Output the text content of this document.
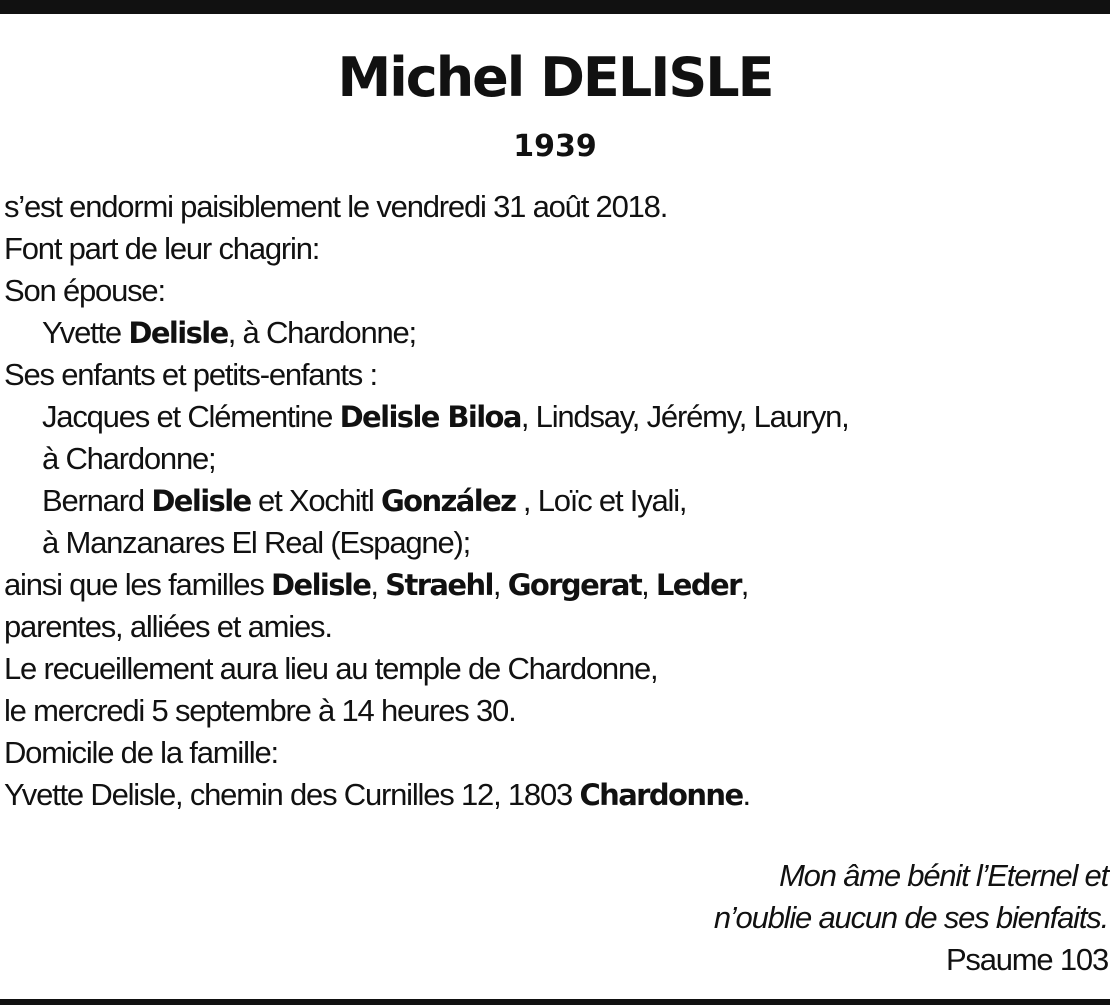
Michel DELISLE
1939
s’est endormi paisiblement le vendredi 31 août 2018.
Font part de leur chagrin:
Son épouse:
Yvette Delisle, à Chardonne;
Ses enfants et petits-enfants :
Jacques et Clémentine Delisle Biloa, Lindsay, Jérémy, Lauryn,
à Chardonne;
Bernard Delisle et Xochitl González , Loïc et Iyali,
à Manzanares El Real (Espagne);
ainsi que les familles Delisle, Straehl, Gorgerat, Leder,
parentes, alliées et amies.
Le recueillement aura lieu au temple de Chardonne,
le mercredi 5 septembre à 14 heures 30.
Domicile de la famille:
Yvette Delisle, chemin des Curnilles 12, 1803 Chardonne.
Mon âme bénit l’Eternel et
n’oublie aucun de ses bienfaits.
Psaume 103
